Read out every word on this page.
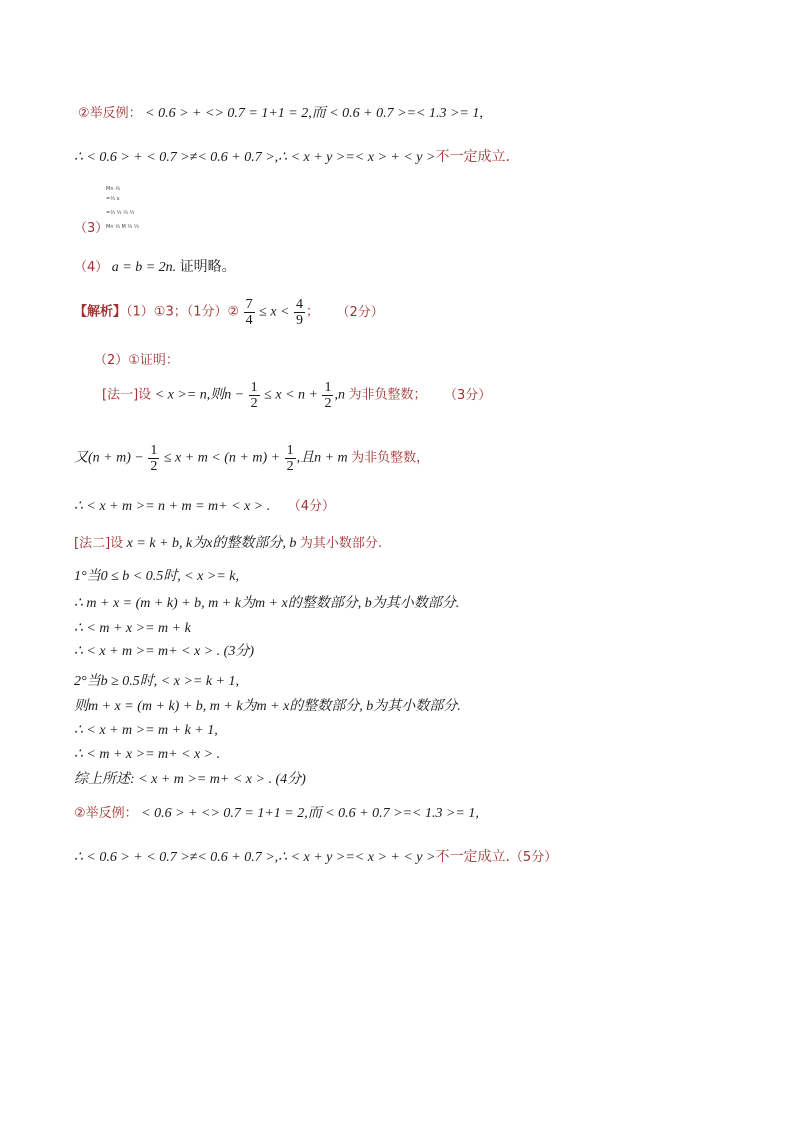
②举反例： < 0.6 > + <> 0.7 = 1+1 = 2,而 < 0.6 + 0.7 >=< 1.3 >= 1,
∴ < 0.6 > + < 0.7 >≠< 0.6 + 0.7 >,∴ < x + y >=< x > + < y >不一定成立.
Mn ⅓
=⅓ x
=⅓ ⅓ ⅓ ⅓
Mn ⅓ M ⅓ ⅓
（3）
（4） a = b = 2n. 证明略。
【解析】（1）①3；（1分）② $\frac{7}{4} \le x < \frac{4}{9}$ ； （2分）
（2）①证明：
[法一]设 < x >= n,则$n - \frac{1}{2} \le x < n + \frac{1}{2} ,n$ 为非负整数； （3分）
又$(n + m) - \frac{1}{2} \le x + m < (n + m) + \frac{1}{2}$ ,且n + m 为非负整数，
∴ < x + m >= n + m = m+ < x > . （4分）
[法二]设 x = k + b, k为x的整数部分, b 为其小数部分.
1°当0 ≤ b < 0.5时, < x >= k,
∴ m + x = (m + k) + b, m + k为m + x的整数部分, b为其小数部分.
∴ < m + x >= m + k
∴ < x + m >= m+ < x > . (3分)
2°当b ≥ 0.5时, < x >= k + 1,
则m + x = (m + k) + b, m + k为m + x的整数部分, b为其小数部分.
∴ < x + m >= m + k + 1,
∴ < m + x >= m+ < x > .
综上所述: < x + m >= m+ < x > . (4分)
②举反例： < 0.6 > + <> 0.7 = 1+1 = 2,而 < 0.6 + 0.7 >=< 1.3 >= 1,
∴ < 0.6 > + < 0.7 >≠< 0.6 + 0.7 >,∴ < x + y >=< x > + < y >不一定成立.（5分）
